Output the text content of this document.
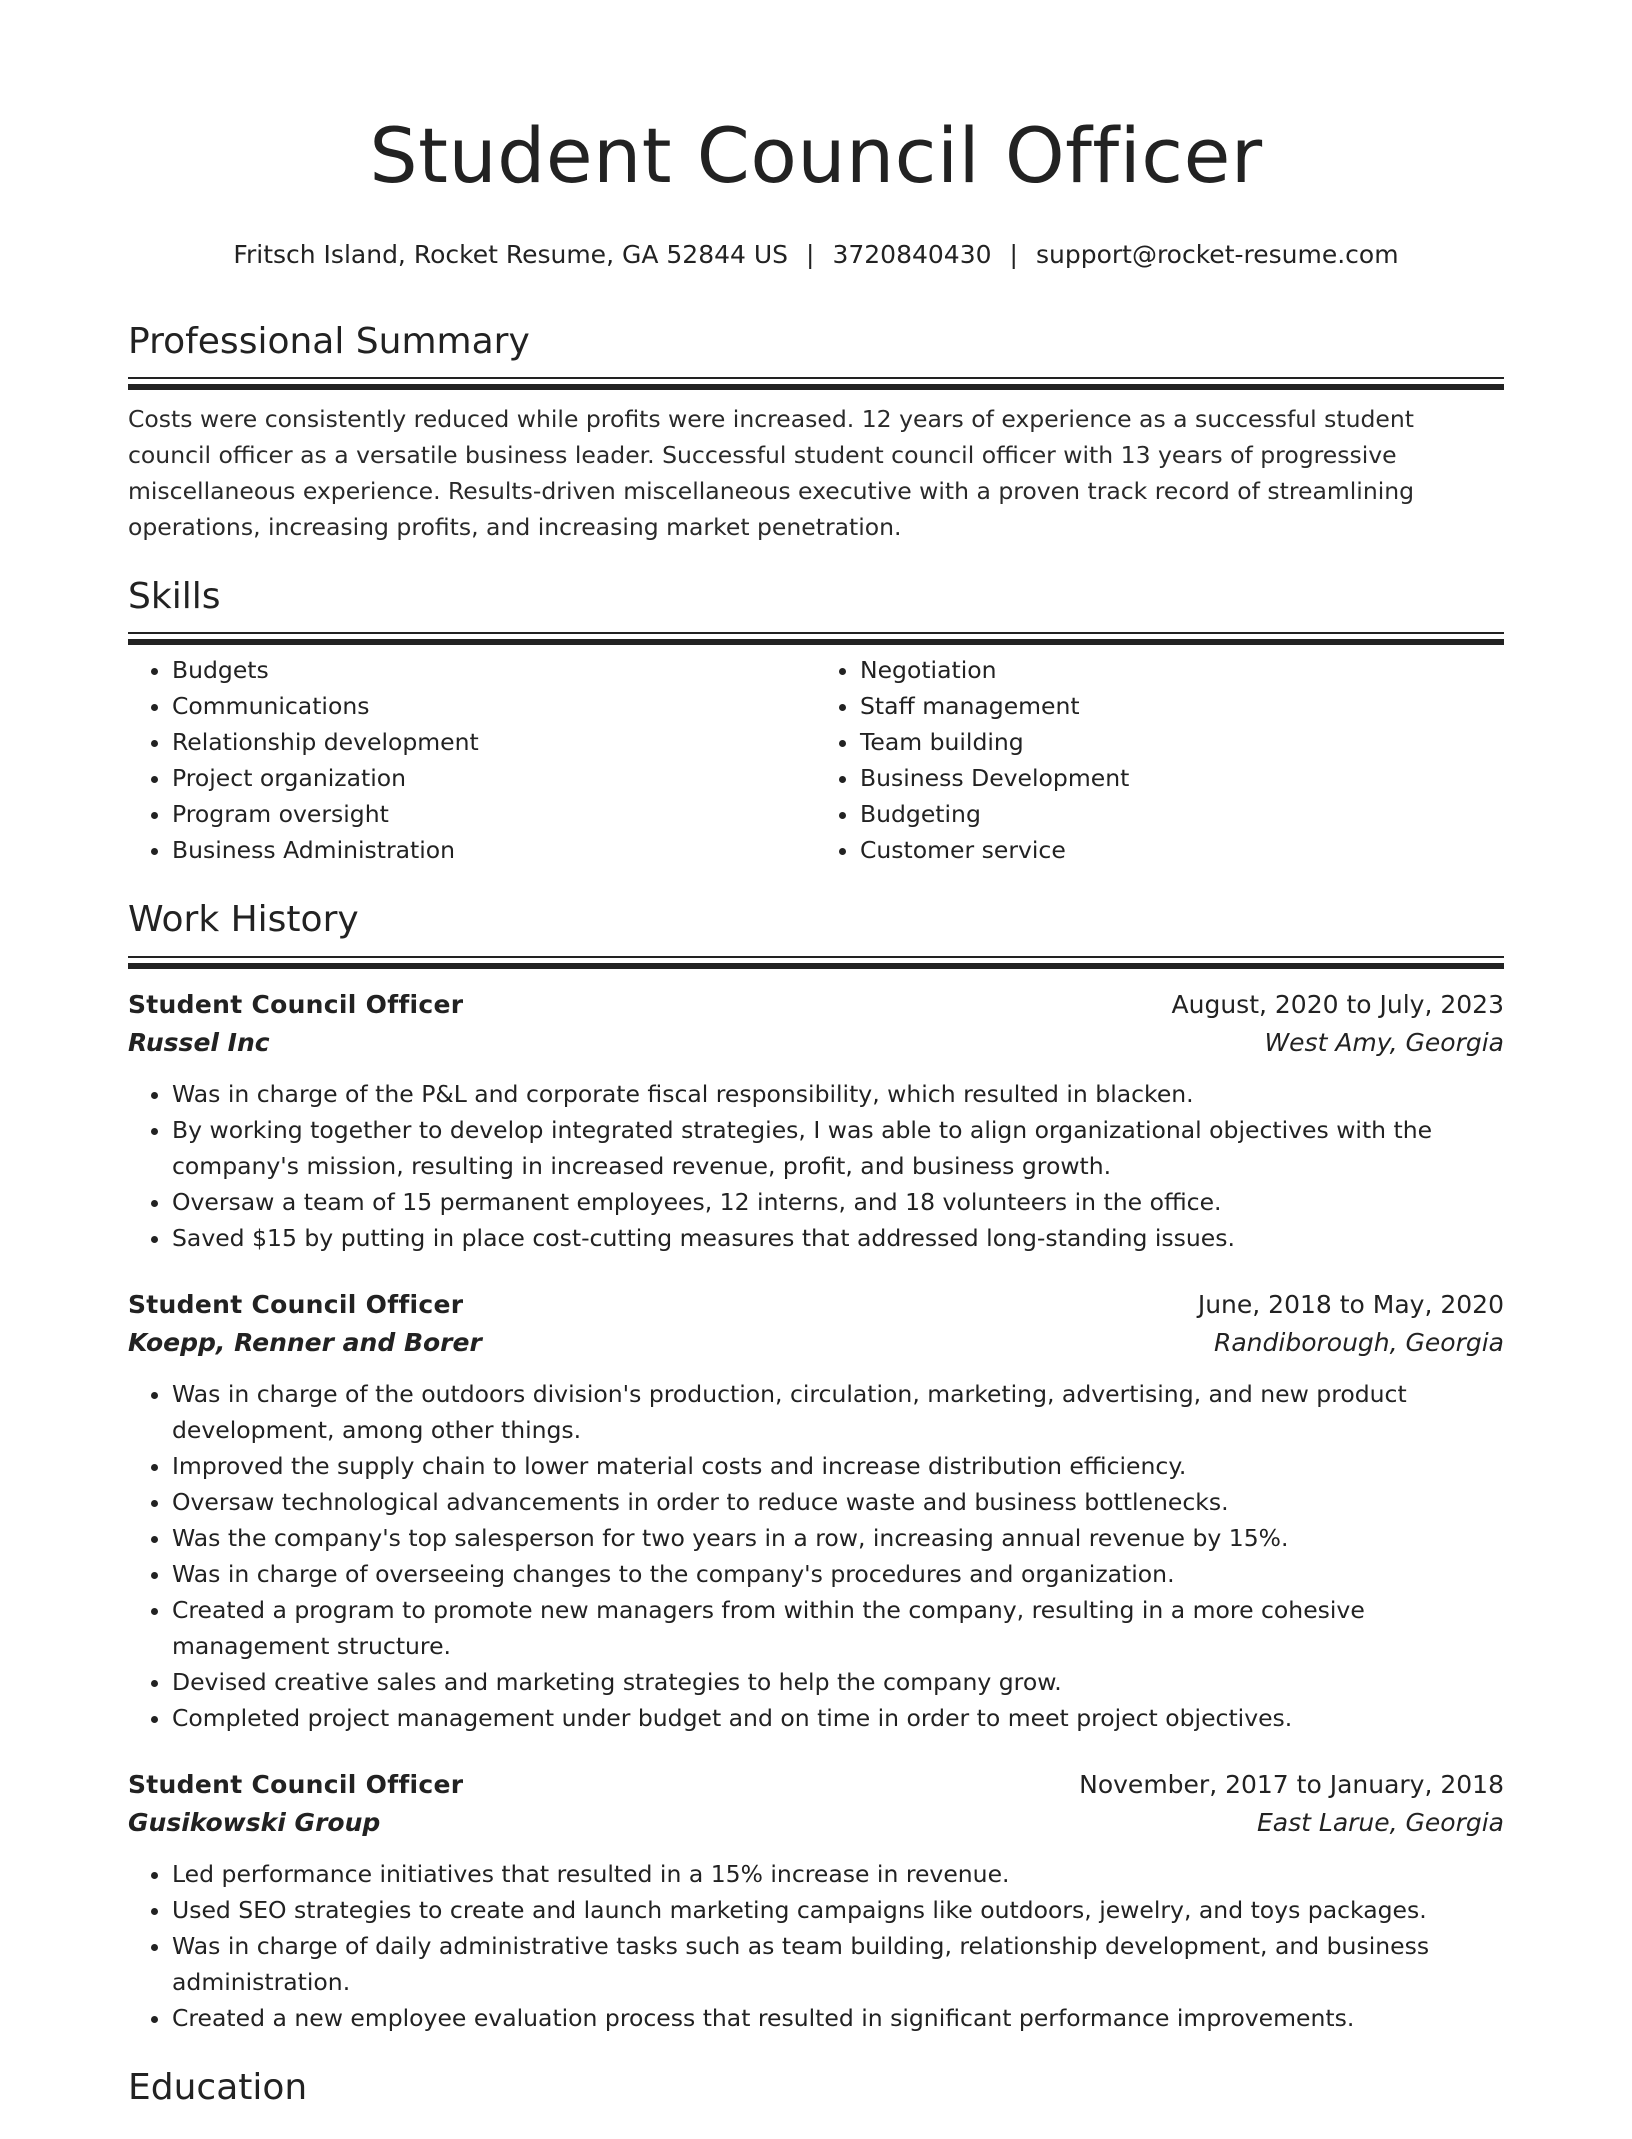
Student Council Officer
Fritsch Island, Rocket Resume, GA 52844 US | 3720840430 | support@rocket-resume.com
Professional Summary

Costs were consistently reduced while profits were increased. 12 years of experience as a successful student council officer as a versatile business leader. Successful student council officer with 13 years of progressive miscellaneous experience. Results-driven miscellaneous executive with a proven track record of streamlining operations, increasing profits, and increasing market penetration.

Skills
• Budgets
• Communications
• Relationship development
• Project organization
• Program oversight
• Business Administration
• Negotiation
• Staff management
• Team building
• Business Development
• Budgeting
• Customer service
Work History
Student Council Officer	August, 2020 to July, 2023
Russel Inc	West Amy, Georgia
• Was in charge of the P&L and corporate fiscal responsibility, which resulted in blacken.
• By working together to develop integrated strategies, I was able to align organizational objectives with the company's mission, resulting in increased revenue, profit, and business growth.
• Oversaw a team of 15 permanent employees, 12 interns, and 18 volunteers in the office.
• Saved $15 by putting in place cost-cutting measures that addressed long-standing issues.
Student Council Officer	June, 2018 to May, 2020
Koepp, Renner and Borer	Randiborough, Georgia
• Was in charge of the outdoors division's production, circulation, marketing, advertising, and new product development, among other things.
• Improved the supply chain to lower material costs and increase distribution efficiency.
• Oversaw technological advancements in order to reduce waste and business bottlenecks.
• Was the company's top salesperson for two years in a row, increasing annual revenue by 15%.
• Was in charge of overseeing changes to the company's procedures and organization.
• Created a program to promote new managers from within the company, resulting in a more cohesive management structure.
• Devised creative sales and marketing strategies to help the company grow.
• Completed project management under budget and on time in order to meet project objectives.
Student Council Officer	November, 2017 to January, 2018
Gusikowski Group	East Larue, Georgia
• Led performance initiatives that resulted in a 15% increase in revenue.
• Used SEO strategies to create and launch marketing campaigns like outdoors, jewelry, and toys packages.
• Was in charge of daily administrative tasks such as team building, relationship development, and business administration.
• Created a new employee evaluation process that resulted in significant performance improvements.
Education
